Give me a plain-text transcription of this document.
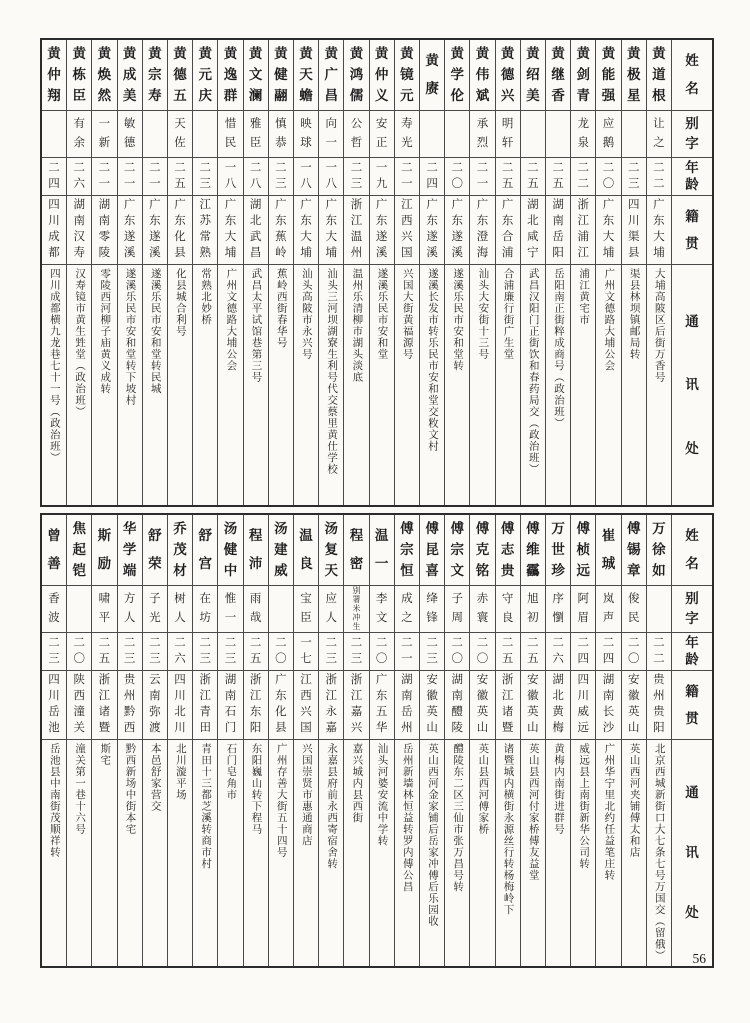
姓
名
别
字
年
龄
籍
贯
通
讯
处
黄
道
根
让
之
二
二
广
东
大
埔
大埔高陂区后街万香号
黄
极
星
二
三
四
川
渠
县
渠县林坝镇邮局转
黄
能
强
应
鹅
二
〇
广
东
大
埔
广州文德路大埔公会
黄
剑
青
龙
泉
二
二
浙
江
浦
江
浦江黄宅市
黄
继
香
二
五
湖
南
岳
阳
岳阳南正街粹成商号（政治班）
黄
绍
美
二
五
湖
北
咸
宁
武昌汉阳门正街饮和春药局交（政治班）
黄
德
兴
明
轩
二
五
广
东
合
浦
合浦廉行街广生堂
黄
伟
斌
承
烈
二
一
广
东
澄
海
汕头大安街十三号
黄
学
伦
二
〇
广
东
遂
溪
遂溪乐民市安和堂转
黄
赓
二
四
广
东
遂
溪
遂溪长发市转乐民市安和堂交敉文村
黄
镜
元
寿
光
二
一
江
西
兴
国
兴国大街黄福源号
黄
仲
义
安
正
一
九
广
东
遂
溪
遂溪乐民市安和堂
黄
鸿
儒
公
哲
二
三
浙
江
温
州
温州乐清柳市湖头淡底
黄
广
昌
向
一
一
八
广
东
大
埔
汕头三河坝湖寮生利号代交蔡里黄仕学校
黄
天
蟾
映
球
一
八
广
东
大
埔
汕头高陂市永兴号
黄
健
翮
慎
恭
二
三
广
东
蕉
岭
蕉岭西街春华号
黄
文
澜
雅
臣
二
八
湖
北
武
昌
武昌太平试馆巷第三号
黄
逸
群
惜
民
一
八
广
东
大
埔
广州文德路大埔公会
黄
元
庆
二
三
江
苏
常
熟
常熟北妙桥
黄
德
五
天
佐
二
五
广
东
化
县
化县城合利号
黄
宗
寿
二
一
广
东
遂
溪
遂溪乐民市安和堂转民城
黄
成
美
敏
德
二
一
广
东
遂
溪
遂溪乐民市安和堂转下坡村
黄
焕
然
一
新
二
一
湖
南
零
陵
零陵西河柳子庙黄义成转
黄
栋
臣
有
余
二
六
湖
南
汉
寿
汉寿镜市黄生甡堂（政治班）
黄
仲
翔
二
四
四
川
成
都
四川成都横九龙巷七十一号（政治班）
姓
名
别
字
年
龄
籍
贯
通
讯
处
万
徐
如
二
二
贵
州
贵
阳
北京西城新街口大七条七号万国交（留俄）
傅
锡
章
俊
民
二
〇
安
徽
英
山
英山西河夹铺傅太和店
崔
珹
岚
声
二
四
湖
南
长
沙
广州华宁里北约任益笔庄转
傅
桢
远
阿
眉
二
四
四
川
威
远
威远县上南街新华公司转
万
世
珍
序
懰
二
六
湖
北
黄
梅
黄梅内南街进群号
傅
维
靏
旭
初
二
五
安
徽
英
山
英山县西河付家桥傅友益堂
傅
志
贵
守
良
二
五
浙
江
诸
暨
诸暨城内横街永源丝行转杨梅岭下
傅
克
铭
赤
寰
二
〇
安
徽
英
山
英山县西河傅家桥
傅
宗
文
子
周
二
〇
湖
南
醴
陵
醴陵东二区三仙市张万昌号转
傅
昆
喜
绛
锋
二
三
安
徽
英
山
英山西河金家铺后岳家冲傅后乐园收
傅
宗
恒
成
之
二
一
湖
南
岳
州
岳州新墙林恒益转罗内傅公昌
温
一
李
文
二
〇
广
东
五
华
汕头河婆安流中学转
程
密
别
署
米
冲
生
二
三
浙
江
嘉
兴
嘉兴城内县西街
汤
复
天
应
人
二
三
浙
江
永
嘉
永嘉县府前永西寄宿舍转
温
良
宝
臣
一
七
江
西
兴
国
兴国崇贤市惠通商店
汤
建
威
二
〇
广
东
化
县
广州存善大街五十四号
程
沛
雨
哉
二
五
浙
江
东
阳
东阳巍山转下程马
汤
健
中
惟
一
二
三
湖
南
石
门
石门皂角市
舒
宫
在
坊
二
三
浙
江
青
田
青田十三都芝溪转商市村
乔
茂
材
树
人
二
六
四
川
北
川
北川漩平场
舒
荣
子
光
二
三
云
南
弥
渡
本邑舒家营交
华
学
端
方
人
二
三
贵
州
黔
西
黔西新场中街本宅
斯
励
啸
平
二
五
浙
江
诸
暨
斯宅
焦
起
铠
二
〇
陕
西
潼
关
潼关第一巷十六号
曾
善
香
波
二
三
四
川
岳
池
岳池县中南街茂顺祥转
56
